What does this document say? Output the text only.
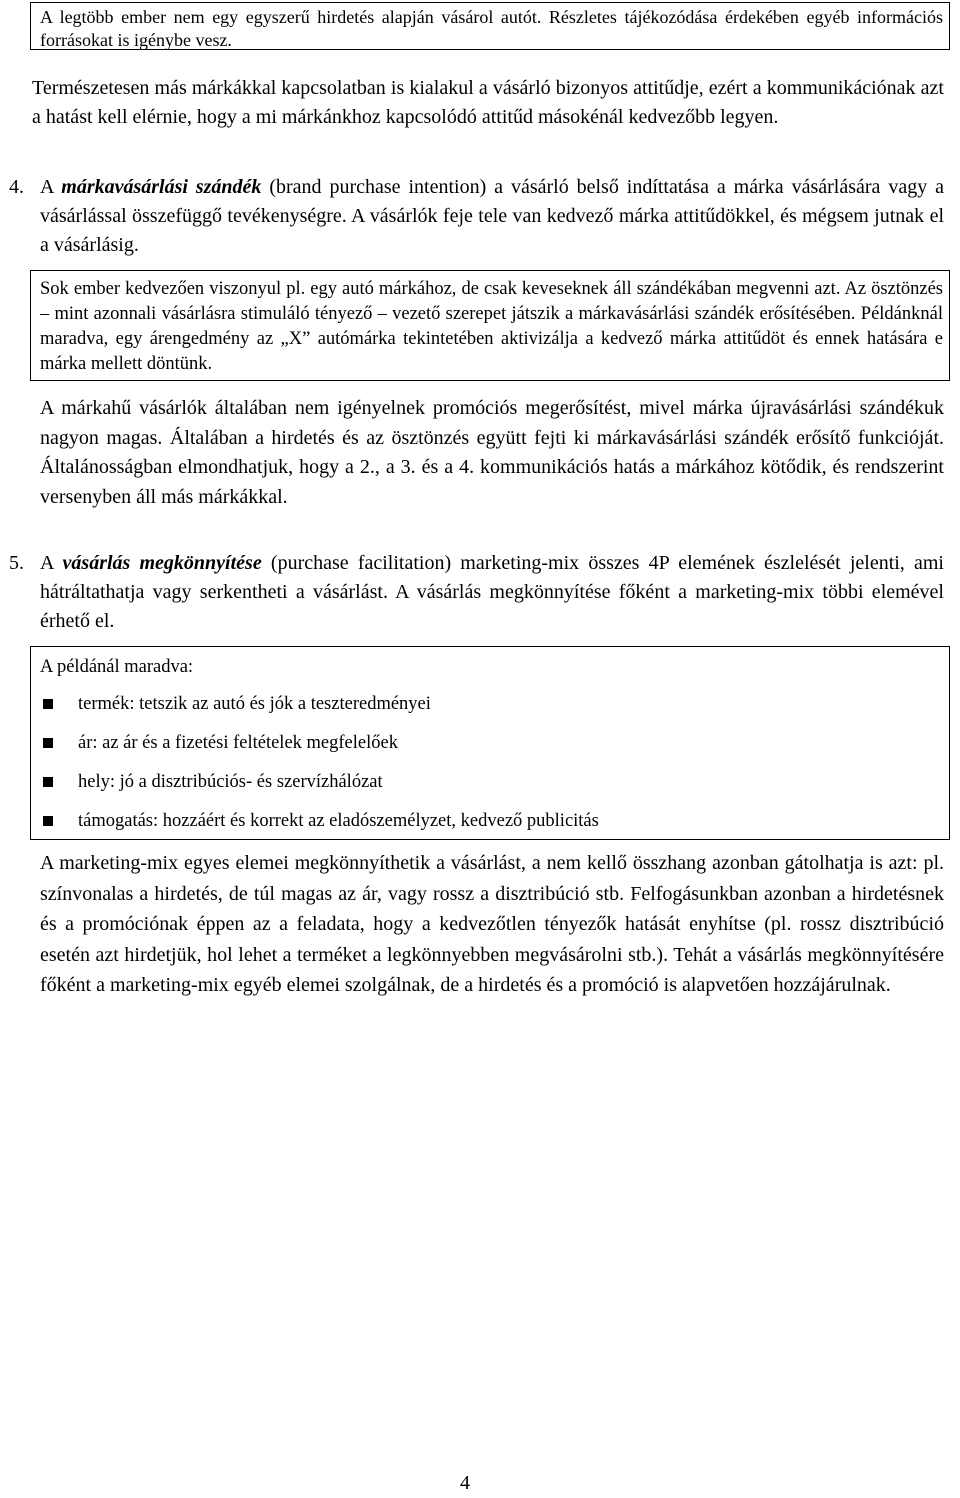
A legtöbb ember nem egy egyszerű hirdetés alapján vásárol autót. Részletes tájékozódása érdekében egyéb információs forrásokat is igénybe vesz.

Természetesen más márkákkal kapcsolatban is kialakul a vásárló bizonyos attitűdje, ezért a kommunikációnak azt a hatást kell elérnie, hogy a mi márkánkhoz kapcsolódó attitűd másokénál kedvezőbb legyen.

4. A márkavásárlási szándék (brand purchase intention) a vásárló belső indíttatása a márka vásárlására vagy a vásárlással összefüggő tevékenységre. A vásárlók feje tele van kedvező márka attitűdökkel, és mégsem jutnak el a vásárlásig.

Sok ember kedvezően viszonyul pl. egy autó márkához, de csak keveseknek áll szándékában megvenni azt. Az ösztönzés – mint azonnali vásárlásra stimuláló tényező – vezető szerepet játszik a márkavásárlási szándék erősítésében. Példánknál maradva, egy árengedmény az „X” autómárka tekintetében aktivizálja a kedvező márka attitűdöt és ennek hatására e márka mellett döntünk.

A márkahű vásárlók általában nem igényelnek promóciós megerősítést, mivel márka újravásárlási szándékuk nagyon magas. Általában a hirdetés és az ösztönzés együtt fejti ki márkavásárlási szándék erősítő funkcióját. Általánosságban elmondhatjuk, hogy a 2., a 3. és a 4. kommunikációs hatás a márkához kötődik, és rendszerint versenyben áll más márkákkal.

5. A vásárlás megkönnyítése (purchase facilitation) marketing-mix összes 4P elemének észlelését jelenti, ami hátráltathatja vagy serkentheti a vásárlást. A vásárlás megkönnyítése főként a marketing-mix többi elemével érhető el.

A példánál maradva:

termék: tetszik az autó és jók a teszteredményei
ár: az ár és a fizetési feltételek megfelelőek
hely: jó a disztribúciós- és szervízhálózat
támogatás: hozzáért és korrekt az eladószemélyzet, kedvező publicitás

A marketing-mix egyes elemei megkönnyíthetik a vásárlást, a nem kellő összhang azonban gátolhatja is azt: pl. színvonalas a hirdetés, de túl magas az ár, vagy rossz a disztribúció stb. Felfogásunkban azonban a hirdetésnek és a promóciónak éppen az a feladata, hogy a kedvezőtlen tényezők hatását enyhítse (pl. rossz disztribúció esetén azt hirdetjük, hol lehet a terméket a legkönnyebben megvásárolni stb.). Tehát a vásárlás megkönnyítésére főként a marketing-mix egyéb elemei szolgálnak, de a hirdetés és a promóció is alapvetően hozzájárulnak.

4
